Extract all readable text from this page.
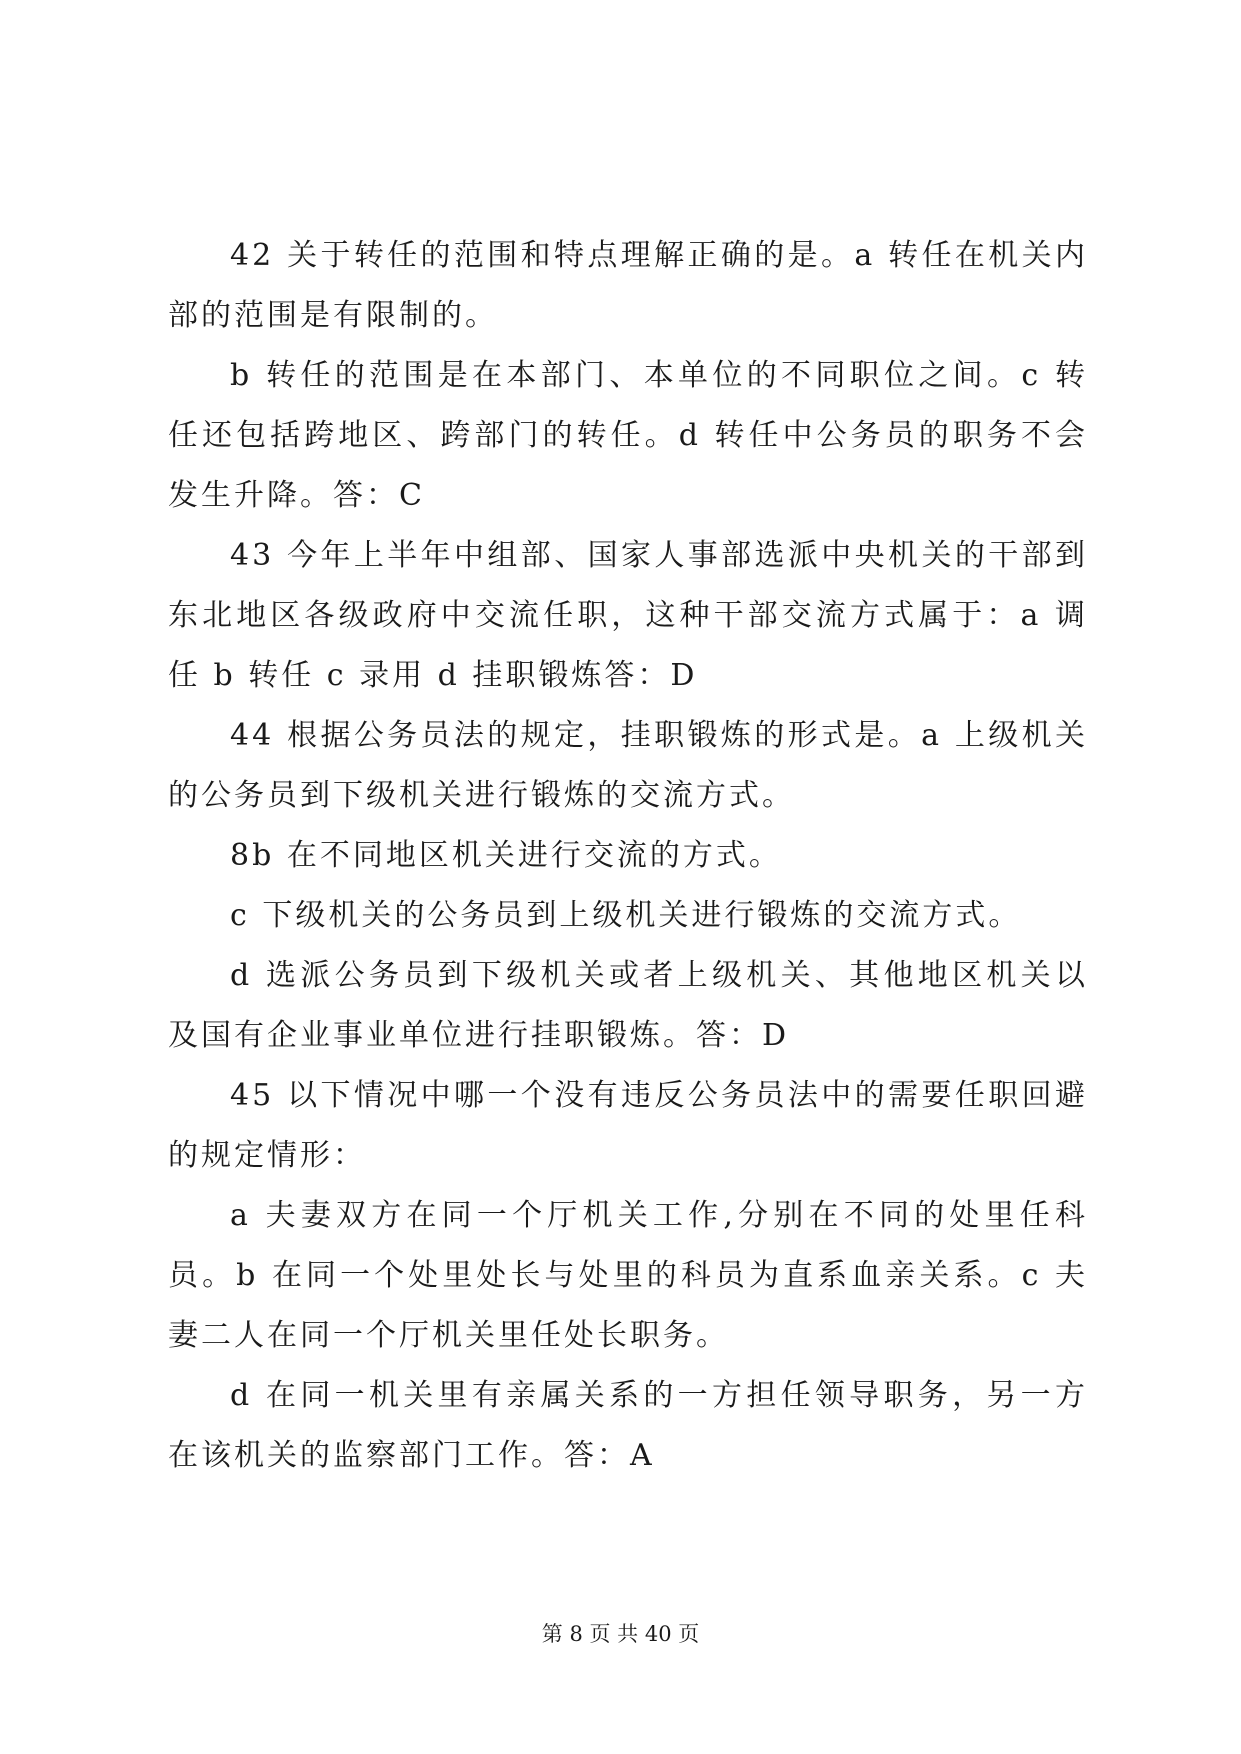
42 关于转任的范围和特点理解正确的是。a 转任在机关内部的范围是有限制的。

b 转任的范围是在本部门、本单位的不同职位之间。c 转任还包括跨地区、跨部门的转任。d 转任中公务员的职务不会发生升降。答：C

43 今年上半年中组部、国家人事部选派中央机关的干部到东北地区各级政府中交流任职，这种干部交流方式属于：a 调任 b 转任 c 录用 d 挂职锻炼答：D

44 根据公务员法的规定，挂职锻炼的形式是。a 上级机关的公务员到下级机关进行锻炼的交流方式。

8b 在不同地区机关进行交流的方式。

c 下级机关的公务员到上级机关进行锻炼的交流方式。

d 选派公务员到下级机关或者上级机关、其他地区机关以及国有企业事业单位进行挂职锻炼。答：D

45 以下情况中哪一个没有违反公务员法中的需要任职回避的规定情形：

a 夫妻双方在同一个厅机关工作,分别在不同的处里任科员。b 在同一个处里处长与处里的科员为直系血亲关系。c 夫妻二人在同一个厅机关里任处长职务。

d 在同一机关里有亲属关系的一方担任领导职务，另一方在该机关的监察部门工作。答：A

第 8 页 共 40 页
